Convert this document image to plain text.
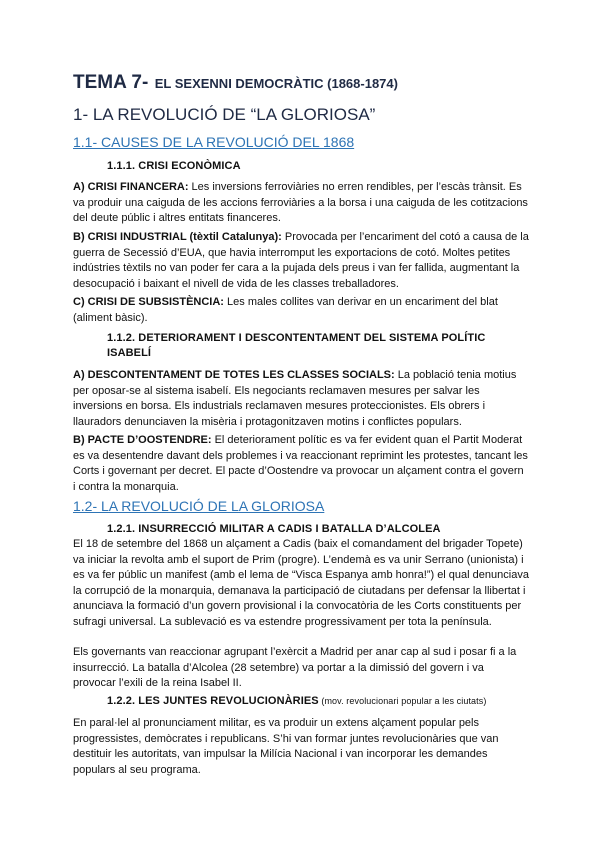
TEMA 7- EL SEXENNI DEMOCRÀTIC (1868-1874)
1- LA REVOLUCIÓ DE “LA GLORIOSA”
1.1- CAUSES DE LA REVOLUCIÓ DEL 1868
1.1.1. CRISI ECONÒMICA
A) CRISI FINANCERA: Les inversions ferroviàries no erren rendibles, per l’escàs trànsit. Es va produir una caiguda de les accions ferroviàries a la borsa i una caiguda de les cotitzacions del deute públic i altres entitats financeres.
B) CRISI INDUSTRIAL (tèxtil Catalunya): Provocada per l’encariment del cotó a causa de la guerra de Secessió d’EUA, que havia interromput les exportacions de cotó. Moltes petites indústries tèxtils no van poder fer cara a la pujada dels preus i van fer fallida, augmentant la desocupació i baixant el nivell de vida de les classes treballadores.
C) CRISI DE SUBSISTÈNCIA: Les males collites van derivar en un encariment del blat (aliment bàsic).
1.1.2. DETERIORAMENT I DESCONTENTAMENT DEL SISTEMA POLÍTIC ISABELÍ
A) DESCONTENTAMENT DE TOTES LES CLASSES SOCIALS: La població tenia motius per oposar-se al sistema isabelí. Els negociants reclamaven mesures per salvar les inversions en borsa. Els industrials reclamaven mesures proteccionistes. Els obrers i llauradors denunciaven la misèria i protagonitzaven motins i conflictes populars.
B) PACTE D’OOSTENDRE: El deteriorament polític es va fer evident quan el Partit Moderat es va desentendre davant dels problemes i va reaccionant reprimint les protestes, tancant les Corts i governant per decret. El pacte d’Oostendre va provocar un alçament contra el govern i contra la monarquia.
1.2- LA REVOLUCIÓ DE LA GLORIOSA
1.2.1. INSURRECCIÓ MILITAR A CADIS I BATALLA D’ALCOLEA
El 18 de setembre del 1868 un alçament a Cadis (baix el comandament del brigader Topete) va iniciar la revolta amb el suport de Prim (progre). L’endemà es va unir Serrano (unionista) i es va fer públic un manifest (amb el lema de “Visca Espanya amb honra!”) el qual denunciava la corrupció de la monarquia, demanava la participació de ciutadans per defensar la llibertat i anunciava la formació d’un govern provisional i la convocatòria de les Corts constituents per sufragi universal. La sublevació es va estendre progressivament per tota la península.
Els governants van reaccionar agrupant l’exèrcit a Madrid per anar cap al sud i posar fi a la insurrecció. La batalla d’Alcolea (28 setembre) va portar a la dimissió del govern i va provocar l’exili de la reina Isabel II.
1.2.2. LES JUNTES REVOLUCIONÀRIES (mov. revolucionari popular a les ciutats)
En paral·lel al pronunciament militar, es va produir un extens alçament popular pels progressistes, demòcrates i republicans. S’hi van formar juntes revolucionàries que van destituir les autoritats, van impulsar la Milícia Nacional i van incorporar les demandes populars al seu programa.
